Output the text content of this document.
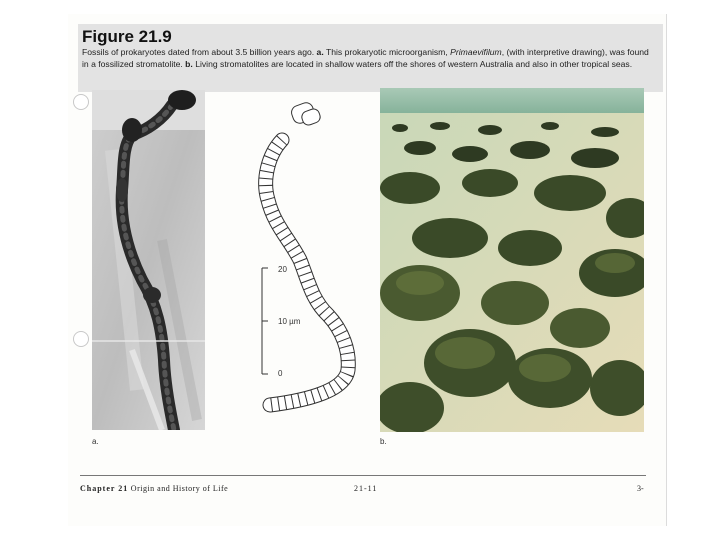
Figure 21.9
Fossils of prokaryotes dated from about 3.5 billion years ago. a. This prokaryotic microorganism, Primaevifilum, (with interpretive drawing), was found in a fossilized stromatolite. b. Living stromatolites are located in shallow waters off the shores of western Australia and also in other tropical seas.
20
10 µm
0
a.	b.
Chapter 21 Origin and History of Life	21-11	3-
